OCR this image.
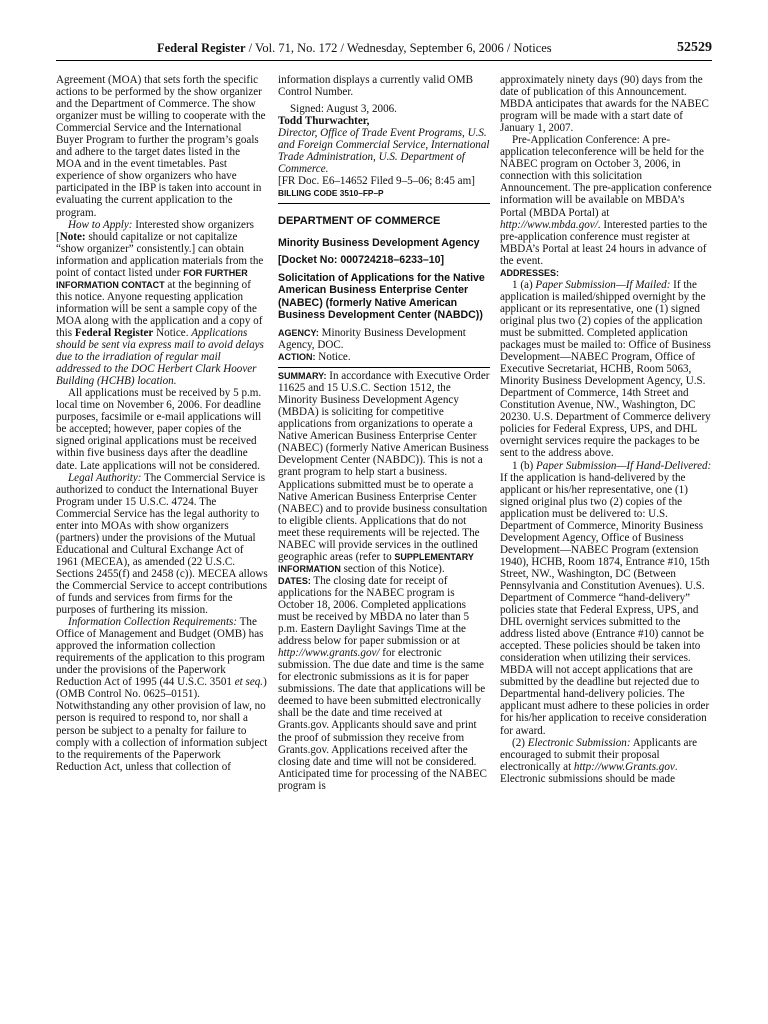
Federal Register / Vol. 71, No. 172 / Wednesday, September 6, 2006 / Notices	52529

Agreement (MOA) that sets forth the specific actions to be performed by the show organizer and the Department of Commerce. The show organizer must be willing to cooperate with the Commercial Service and the International Buyer Program to further the program’s goals and adhere to the target dates listed in the MOA and in the event timetables. Past experience of show organizers who have participated in the IBP is taken into account in evaluating the current application to the program.

How to Apply: Interested show organizers [Note: should capitalize or not capitalize “show organizer” consistently.] can obtain information and application materials from the point of contact listed under FOR FURTHER INFORMATION CONTACT at the beginning of this notice. Anyone requesting application information will be sent a sample copy of the MOA along with the application and a copy of this Federal Register Notice. Applications should be sent via express mail to avoid delays due to the irradiation of regular mail addressed to the DOC Herbert Clark Hoover Building (HCHB) location.

All applications must be received by 5 p.m. local time on November 6, 2006. For deadline purposes, facsimile or e-mail applications will be accepted; however, paper copies of the signed original applications must be received within five business days after the deadline date. Late applications will not be considered.

Legal Authority: The Commercial Service is authorized to conduct the International Buyer Program under 15 U.S.C. 4724. The Commercial Service has the legal authority to enter into MOAs with show organizers (partners) under the provisions of the Mutual Educational and Cultural Exchange Act of 1961 (MECEA), as amended (22 U.S.C. Sections 2455(f) and 2458 (c)). MECEA allows the Commercial Service to accept contributions of funds and services from firms for the purposes of furthering its mission.

Information Collection Requirements: The Office of Management and Budget (OMB) has approved the information collection requirements of the application to this program under the provisions of the Paperwork Reduction Act of 1995 (44 U.S.C. 3501 et seq.) (OMB Control No. 0625–0151). Notwithstanding any other provision of law, no person is required to respond to, nor shall a person be subject to a penalty for failure to comply with a collection of information subject to the requirements of the Paperwork Reduction Act, unless that collection of

information displays a currently valid OMB Control Number.

Signed: August 3, 2006.

Todd Thurwachter,

Director, Office of Trade Event Programs, U.S. and Foreign Commercial Service, International Trade Administration, U.S. Department of Commerce.

[FR Doc. E6–14652 Filed 9–5–06; 8:45 am]

BILLING CODE 3510–FP–P

DEPARTMENT OF COMMERCE

Minority Business Development Agency

[Docket No: 000724218–6233–10]

Solicitation of Applications for the Native American Business Enterprise Center (NABEC) (formerly Native American Business Development Center (NABDC))

AGENCY: Minority Business Development Agency, DOC.

ACTION: Notice.

SUMMARY: In accordance with Executive Order 11625 and 15 U.S.C. Section 1512, the Minority Business Development Agency (MBDA) is soliciting for competitive applications from organizations to operate a Native American Business Enterprise Center (NABEC) (formerly Native American Business Development Center (NABDC)). This is not a grant program to help start a business. Applications submitted must be to operate a Native American Business Enterprise Center (NABEC) and to provide business consultation to eligible clients. Applications that do not meet these requirements will be rejected. The NABEC will provide services in the outlined geographic areas (refer to SUPPLEMENTARY INFORMATION section of this Notice).

DATES: The closing date for receipt of applications for the NABEC program is October 18, 2006. Completed applications must be received by MBDA no later than 5 p.m. Eastern Daylight Savings Time at the address below for paper submission or at http://www.grants.gov/ for electronic submission. The due date and time is the same for electronic submissions as it is for paper submissions. The date that applications will be deemed to have been submitted electronically shall be the date and time received at Grants.gov. Applicants should save and print the proof of submission they receive from Grants.gov. Applications received after the closing date and time will not be considered. Anticipated time for processing of the NABEC program is

approximately ninety days (90) days from the date of publication of this Announcement. MBDA anticipates that awards for the NABEC program will be made with a start date of January 1, 2007.

Pre-Application Conference: A pre-application teleconference will be held for the NABEC program on October 3, 2006, in connection with this solicitation Announcement. The pre-application conference information will be available on MBDA’s Portal (MBDA Portal) at http://www.mbda.gov/. Interested parties to the pre-application conference must register at MBDA’s Portal at least 24 hours in advance of the event.

ADDRESSES:

1 (a) Paper Submission—If Mailed: If the application is mailed/shipped overnight by the applicant or its representative, one (1) signed original plus two (2) copies of the application must be submitted. Completed application packages must be mailed to: Office of Business Development—NABEC Program, Office of Executive Secretariat, HCHB, Room 5063, Minority Business Development Agency, U.S. Department of Commerce, 14th Street and Constitution Avenue, NW., Washington, DC 20230. U.S. Department of Commerce delivery policies for Federal Express, UPS, and DHL overnight services require the packages to be sent to the address above.

1 (b) Paper Submission—If Hand-Delivered: If the application is hand-delivered by the applicant or his/her representative, one (1) signed original plus two (2) copies of the application must be delivered to: U.S. Department of Commerce, Minority Business Development Agency, Office of Business Development—NABEC Program (extension 1940), HCHB, Room 1874, Entrance #10, 15th Street, NW., Washington, DC (Between Pennsylvania and Constitution Avenues). U.S. Department of Commerce “hand-delivery” policies state that Federal Express, UPS, and DHL overnight services submitted to the address listed above (Entrance #10) cannot be accepted. These policies should be taken into consideration when utilizing their services. MBDA will not accept applications that are submitted by the deadline but rejected due to Departmental hand-delivery policies. The applicant must adhere to these policies in order for his/her application to receive consideration for award.

(2) Electronic Submission: Applicants are encouraged to submit their proposal electronically at http://www.Grants.gov. Electronic submissions should be made
